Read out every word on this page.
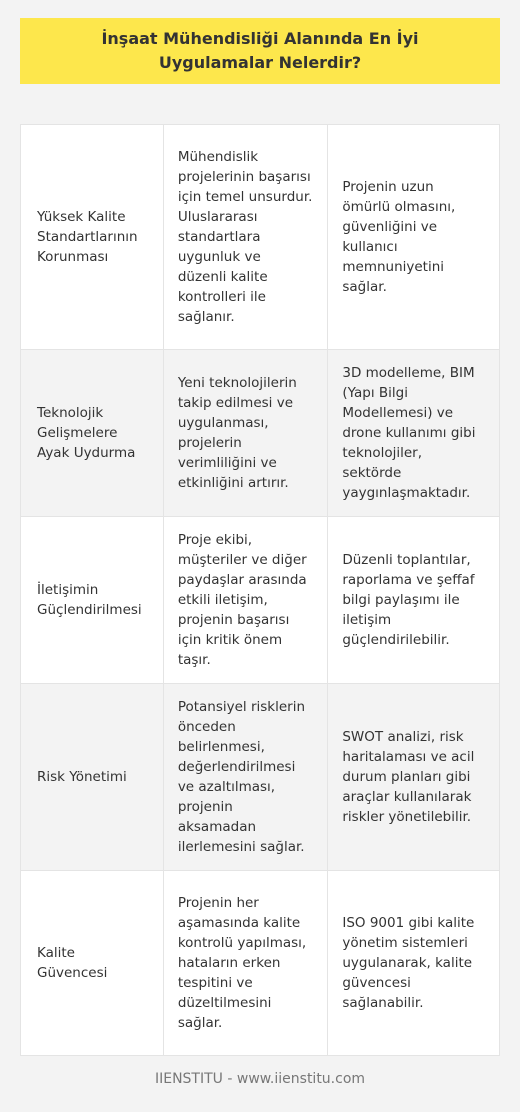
İnşaat Mühendisliği Alanında En İyi Uygulamalar Nelerdir?
Yüksek Kalite Standartlarının Korunması	Mühendislik projelerinin başarısı için temel unsurdur. Uluslararası standartlara uygunluk ve düzenli kalite kontrolleri ile sağlanır.	Projenin uzun ömürlü olmasını, güvenliğini ve kullanıcı memnuniyetini sağlar.
Teknolojik Gelişmelere Ayak Uydurma	Yeni teknolojilerin takip edilmesi ve uygulanması, projelerin verimliliğini ve etkinliğini artırır.	3D modelleme, BIM (Yapı Bilgi Modellemesi) ve drone kullanımı gibi teknolojiler, sektörde yaygınlaşmaktadır.
İletişimin Güçlendirilmesi	Proje ekibi, müşteriler ve diğer paydaşlar arasında etkili iletişim, projenin başarısı için kritik önem taşır.	Düzenli toplantılar, raporlama ve şeffaf bilgi paylaşımı ile iletişim güçlendirilebilir.
Risk Yönetimi	Potansiyel risklerin önceden belirlenmesi, değerlendirilmesi ve azaltılması, projenin aksamadan ilerlemesini sağlar.	SWOT analizi, risk haritalaması ve acil durum planları gibi araçlar kullanılarak riskler yönetilebilir.
Kalite Güvencesi	Projenin her aşamasında kalite kontrolü yapılması, hataların erken tespitini ve düzeltilmesini sağlar.	ISO 9001 gibi kalite yönetim sistemleri uygulanarak, kalite güvencesi sağlanabilir.
IIENSTITU - www.iienstitu.com
